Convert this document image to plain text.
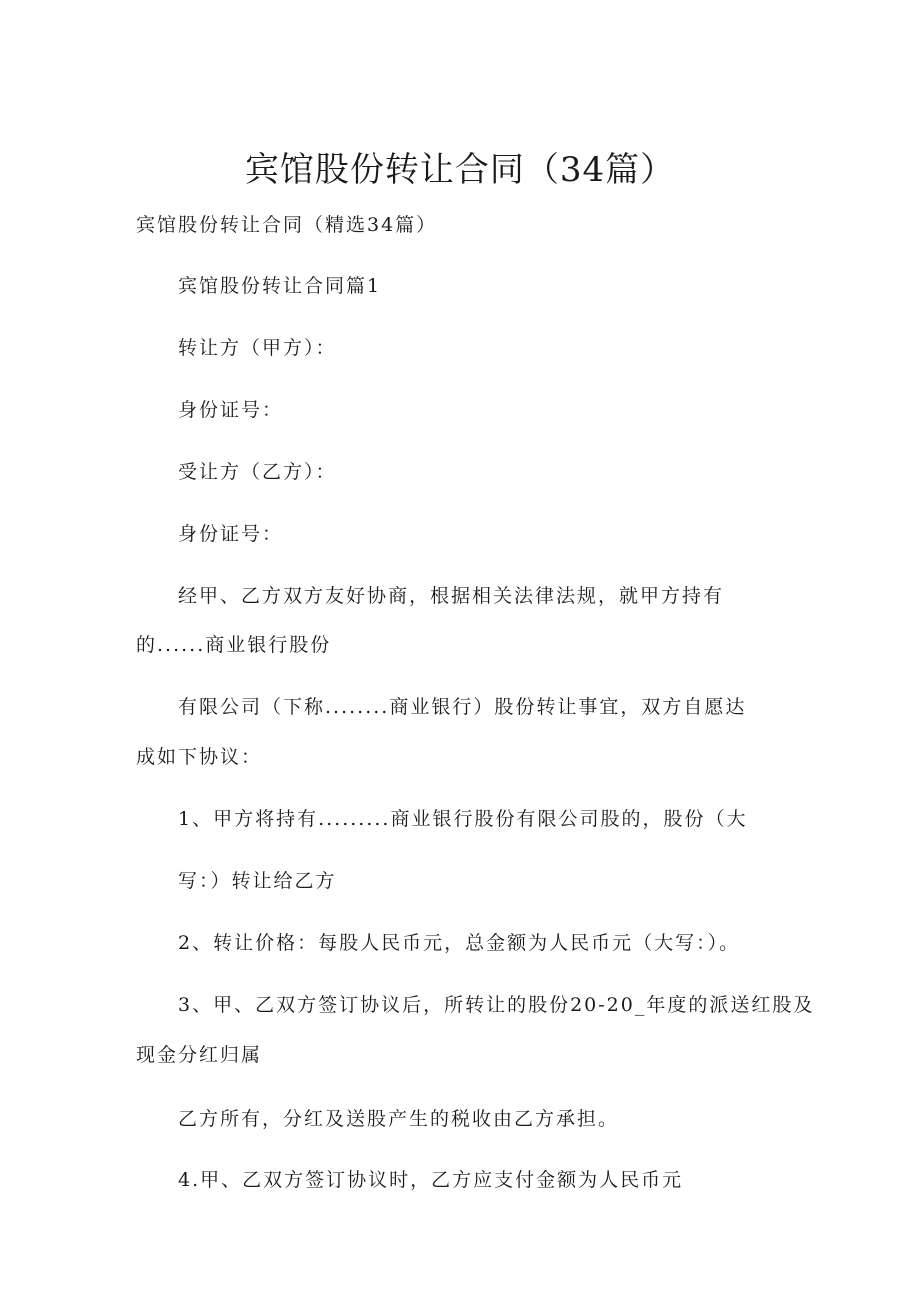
宾馆股份转让合同（34篇）
宾馆股份转让合同（精选34篇）
宾馆股份转让合同篇1
转让方（甲方）：
身份证号：
受让方（乙方）：
身份证号：
经甲、乙方双方友好协商，根据相关法律法规，就甲方持有
的......商业银行股份
有限公司（下称........商业银行）股份转让事宜，双方自愿达
成如下协议：
1、甲方将持有.........商业银行股份有限公司股的，股份（大
写：）转让给乙方
2、转让价格：每股人民币元，总金额为人民币元（大写：）。
3、甲、乙双方签订协议后，所转让的股份20-20_年度的派送红股及
现金分红归属
乙方所有，分红及送股产生的税收由乙方承担。
4.甲、乙双方签订协议时，乙方应支付金额为人民币元
